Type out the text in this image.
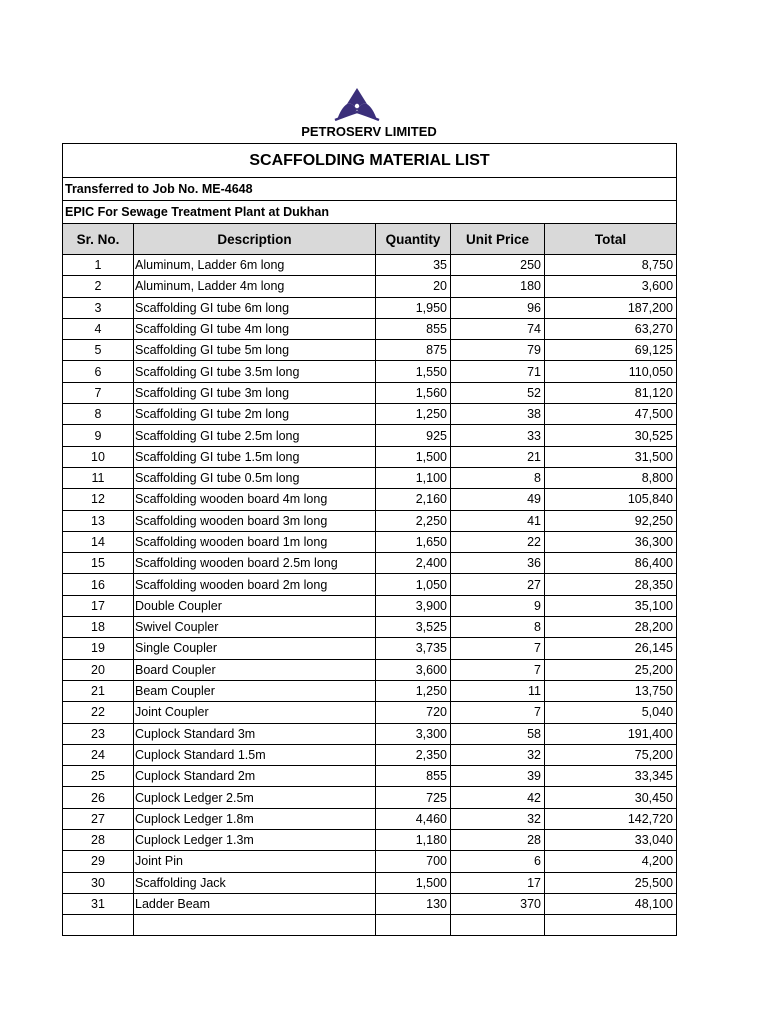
PETROSERV LIMITED
SCAFFOLDING MATERIAL LIST				
Transferred to Job No. ME-4648				
EPIC For Sewage Treatment Plant at Dukhan				
Sr. No.	Description	Quantity	Unit Price	Total
1	Aluminum, Ladder 6m long	35	250	8,750
2	Aluminum, Ladder 4m long	20	180	3,600
3	Scaffolding GI tube 6m long	1,950	96	187,200
4	Scaffolding GI tube 4m long	855	74	63,270
5	Scaffolding GI tube 5m long	875	79	69,125
6	Scaffolding GI tube 3.5m long	1,550	71	110,050
7	Scaffolding GI tube 3m long	1,560	52	81,120
8	Scaffolding GI tube 2m long	1,250	38	47,500
9	Scaffolding GI tube 2.5m long	925	33	30,525
10	Scaffolding GI tube 1.5m long	1,500	21	31,500
11	Scaffolding GI tube 0.5m long	1,100	8	8,800
12	Scaffolding wooden board 4m long	2,160	49	105,840
13	Scaffolding wooden board 3m long	2,250	41	92,250
14	Scaffolding wooden board 1m long	1,650	22	36,300
15	Scaffolding wooden board 2.5m long	2,400	36	86,400
16	Scaffolding wooden board 2m long	1,050	27	28,350
17	Double Coupler	3,900	9	35,100
18	Swivel Coupler	3,525	8	28,200
19	Single Coupler	3,735	7	26,145
20	Board Coupler	3,600	7	25,200
21	Beam Coupler	1,250	11	13,750
22	Joint Coupler	720	7	5,040
23	Cuplock Standard 3m	3,300	58	191,400
24	Cuplock Standard 1.5m	2,350	32	75,200
25	Cuplock Standard 2m	855	39	33,345
26	Cuplock Ledger 2.5m	725	42	30,450
27	Cuplock Ledger 1.8m	4,460	32	142,720
28	Cuplock Ledger 1.3m	1,180	28	33,040
29	Joint Pin	700	6	4,200
30	Scaffolding Jack	1,500	17	25,500
31	Ladder Beam	130	370	48,100
